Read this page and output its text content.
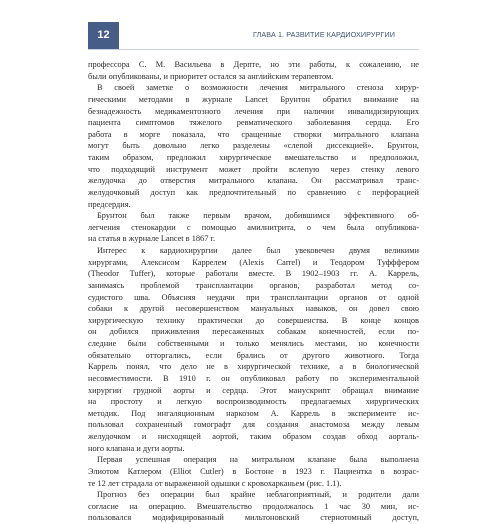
12	ГЛАВА 1. РАЗВИТИЕ КАРДИОХИРУРГИИ

профессора С. М. Васильева в Дерпте, но эти работы, к сожалению, не
были опубликованы, и приоритет остался за английским терапевтом.

В своей заметке о возможности лечения митрального стеноза хирур-
гическими методами в журнале Lancet Брунтон обратил внимание на
безнадежность медикаментозного лечения при наличии инвалидизирующих
пациента симптомов тяжелого ревматического заболевания сердца. Его
работа в морге показала, что сращенные створки митрального клапана
могут быть довольно легко разделены «слепой диссекцией». Брунтон,
таким образом, предложил хирургическое вмешательство и предположил,
что подходящий инструмент может пройти вслепую через стенку левого
желудочка до отверстия митрального клапана. Он рассматривал транс-
желудочковый доступ как предпочтительный по сравнению с перфорацией
предсердия.

Брунтон был также первым врачом, добившимся эффективного об-
легчения стенокардии с помощью амилнитрита, о чем была опубликова-
на статья в журнале Lancet в 1867 г.

Интерес к кардиохирургии далее был увековечен двумя великими
хирургами, Алексисом Каррелем (Alexis Carrel) и Теодором Туфффером
(Theodor Tuffer), которые работали вместе. В 1902–1903 гг. А. Каррель,
занимаясь проблемой трансплантации органов, разработал метод со-
судистого шва. Объясняя неудачи при трансплантации органов от одной
собаки к другой несовершенством мануальных навыков, он довел свою
хирургическую технику практически до совершенства. В конце концов
он добился приживления пересаженных собакам конечностей, если по-
следние были собственными и только менялись местами, но конечности
обязательно отторгались, если брались от другого животного. Тогда
Каррель понял, что дело не в хирургической технике, а в биологической
несовместимости. В 1910 г. он опубликовал работу по экспериментальной
хирургии грудной аорты и сердца. Этот манускрипт обращал внимание
на простоту и легкую воспроизводимость предлагаемых хирургических
методик. Под ингаляционным наркозом А. Каррель в эксперименте ис-
пользовал сохраненный гомографт для создания анастомоза между левым
желудочком и нисходящей аортой, таким образом создав обход аорталь-
ного клапана и дуги аорты.

Первая успешная операция на митральном клапане была выполнена
Элиотом Катлером (Elliot Cutler) в Бостоне в 1923 г. Пациентка в возрас-
те 12 лет страдала от выраженной одышки с кровохарканьем (рис. 1.1).
Прогноз без операции был крайне неблагоприятный, и родители дали
согласие на операцию. Вмешательство продолжалось 1 час 30 мин, ис-
пользовался модифицированный мильтоновский стернотомный доступ,
